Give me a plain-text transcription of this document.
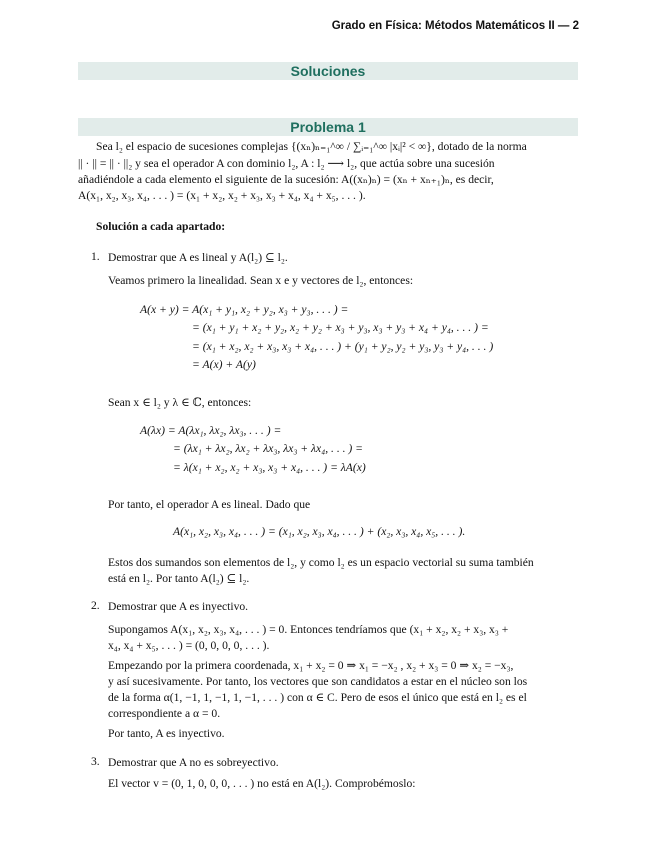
Grado en Física: Métodos Matemáticos II — 2
Soluciones
Problema 1
Sea l₂ el espacio de sucesiones complejas {(xₙ)ₙ₌₁^∞ / ∑ᵢ₌₁^∞ |xᵢ|² < ∞}, dotado de la norma
|| · || = || · ||₂ y sea el operador A con dominio l₂, A : l₂ ⟶ l₂, que actúa sobre una sucesión
añadiéndole a cada elemento el siguiente de la sucesión: A((xₙ)ₙ) = (xₙ + xₙ₊₁)ₙ, es decir,
A(x₁, x₂, x₃, x₄, . . . ) = (x₁ + x₂, x₂ + x₃, x₃ + x₄, x₄ + x₅, . . . ).
Solución a cada apartado:
1. Demostrar que A es lineal y A(l₂) ⊆ l₂.
Veamos primero la linealidad. Sean x e y vectores de l₂, entonces:
A(x + y) = A(x₁ + y₁, x₂ + y₂, x₃ + y₃, . . . ) =
= (x₁ + y₁ + x₂ + y₂, x₂ + y₂ + x₃ + y₃, x₃ + y₃ + x₄ + y₄, . . . ) =
= (x₁ + x₂, x₂ + x₃, x₃ + x₄, . . . ) + (y₁ + y₂, y₂ + y₃, y₃ + y₄, . . . )
= A(x) + A(y)
Sean x ∈ l₂ y λ ∈ ℂ, entonces:
A(λx) = A(λx₁, λx₂, λx₃, . . . ) =
= (λx₁ + λx₂, λx₂ + λx₃, λx₃ + λx₄, . . . ) =
= λ(x₁ + x₂, x₂ + x₃, x₃ + x₄, . . . ) = λA(x)
Por tanto, el operador A es lineal. Dado que
A(x₁, x₂, x₃, x₄, . . . ) = (x₁, x₂, x₃, x₄, . . . ) + (x₂, x₃, x₄, x₅, . . . ).
Estos dos sumandos son elementos de l₂, y como l₂ es un espacio vectorial su suma también
está en l₂. Por tanto A(l₂) ⊆ l₂.
2. Demostrar que A es inyectivo.
Supongamos A(x₁, x₂, x₃, x₄, . . . ) = 0. Entonces tendríamos que (x₁ + x₂, x₂ + x₃, x₃ +
x₄, x₄ + x₅, . . . ) = (0, 0, 0, 0, . . . ).
Empezando por la primera coordenada, x₁ + x₂ = 0 ⇒ x₁ = −x₂ , x₂ + x₃ = 0 ⇒ x₂ = −x₃,
y así sucesivamente. Por tanto, los vectores que son candidatos a estar en el núcleo son los
de la forma α(1, −1, 1, −1, 1, −1, . . . ) con α ∈ C. Pero de esos el único que está en l₂ es el
correspondiente a α = 0.
Por tanto, A es inyectivo.
3. Demostrar que A no es sobreyectivo.
El vector v = (0, 1, 0, 0, 0, . . . ) no está en A(l₂). Comprobémoslo:
